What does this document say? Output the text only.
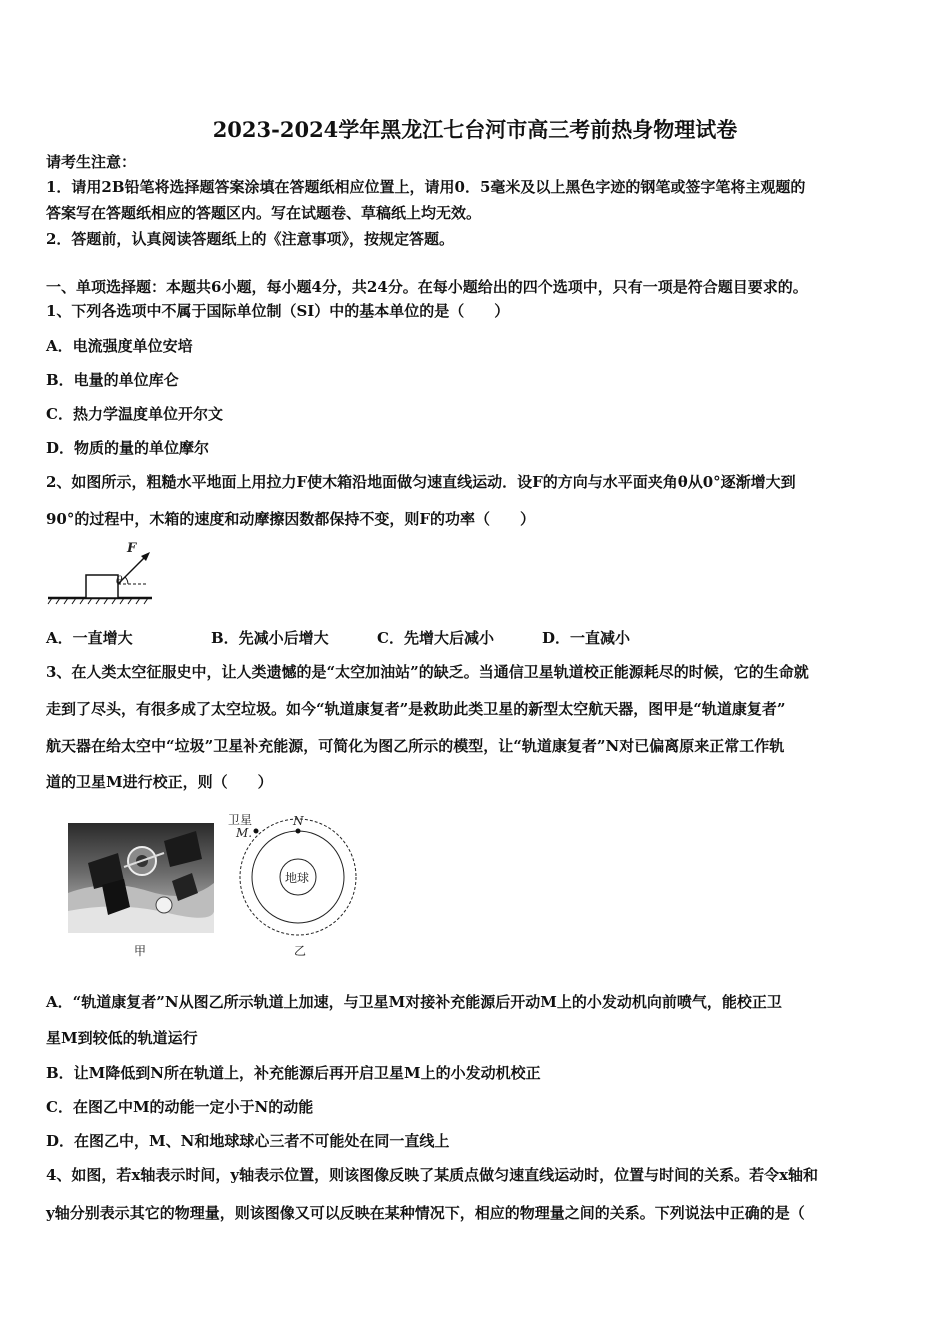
2023-2024学年黑龙江七台河市高三考前热身物理试卷
请考生注意：
1．请用2B铅笔将选择题答案涂填在答题纸相应位置上，请用0．5毫米及以上黑色字迹的钢笔或签字笔将主观题的
答案写在答题纸相应的答题区内。写在试题卷、草稿纸上均无效。
2．答题前，认真阅读答题纸上的《注意事项》，按规定答题。
一、单项选择题：本题共6小题，每小题4分，共24分。在每小题给出的四个选项中，只有一项是符合题目要求的。
1、下列各选项中不属于国际单位制（SI）中的基本单位的是（　　）
A．电流强度单位安培
B．电量的单位库仑
C．热力学温度单位开尔文
D．物质的量的单位摩尔
2、如图所示，粗糙水平地面上用拉力F使木箱沿地面做匀速直线运动．设F的方向与水平面夹角θ从0°逐渐增大到
90°的过程中，木箱的速度和动摩擦因数都保持不变，则F的功率（　　）
F
θ
A．一直增大	B．先减小后增大	C．先增大后减小	D．一直减小
3、在人类太空征服史中，让人类遗憾的是“太空加油站”的缺乏。当通信卫星轨道校正能源耗尽的时候，它的生命就
走到了尽头，有很多成了太空垃圾。如今“轨道康复者”是救助此类卫星的新型太空航天器，图甲是“轨道康复者”
航天器在给太空中“垃圾”卫星补充能源，可简化为图乙所示的模型，让“轨道康复者”N对已偏离原来正常工作轨
道的卫星M进行校正，则（　　）
甲
卫星
M.
N
地球
乙
A．“轨道康复者”N从图乙所示轨道上加速，与卫星M对接补充能源后开动M上的小发动机向前喷气，能校正卫
星M到较低的轨道运行
B．让M降低到N所在轨道上，补充能源后再开启卫星M上的小发动机校正
C．在图乙中M的动能一定小于N的动能
D．在图乙中，M、N和地球球心三者不可能处在同一直线上
4、如图，若x轴表示时间，y轴表示位置，则该图像反映了某质点做匀速直线运动时，位置与时间的关系。若令x轴和
y轴分别表示其它的物理量，则该图像又可以反映在某种情况下，相应的物理量之间的关系。下列说法中正确的是（
